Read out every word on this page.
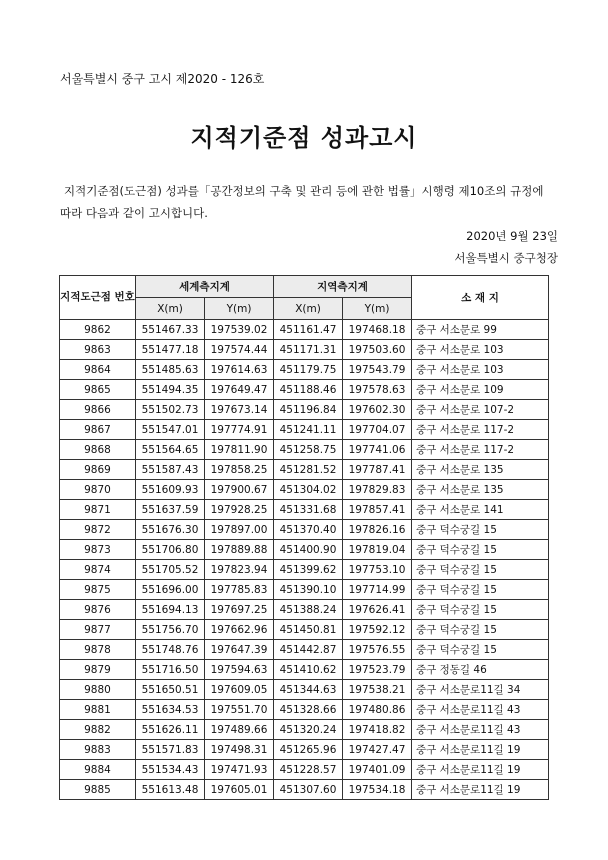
서울특별시 중구 고시 제2020 - 126호
지적기준점 성과고시
지적기준점(도근점) 성과를「공간정보의 구축 및 관리 등에 관한 법률」시행령 제10조의 규정에 따라 다음과 같이 고시합니다.
2020년 9월 23일
서울특별시 중구청장
지적도근점 번호	세계측지계		지역측지계		소 재 지
	X(m)	Y(m)	X(m)	Y(m)	
9862	551467.33	197539.02	451161.47	197468.18	중구 서소문로 99
9863	551477.18	197574.44	451171.31	197503.60	중구 서소문로 103
9864	551485.63	197614.63	451179.75	197543.79	중구 서소문로 103
9865	551494.35	197649.47	451188.46	197578.63	중구 서소문로 109
9866	551502.73	197673.14	451196.84	197602.30	중구 서소문로 107-2
9867	551547.01	197774.91	451241.11	197704.07	중구 서소문로 117-2
9868	551564.65	197811.90	451258.75	197741.06	중구 서소문로 117-2
9869	551587.43	197858.25	451281.52	197787.41	중구 서소문로 135
9870	551609.93	197900.67	451304.02	197829.83	중구 서소문로 135
9871	551637.59	197928.25	451331.68	197857.41	중구 서소문로 141
9872	551676.30	197897.00	451370.40	197826.16	중구 덕수궁길 15
9873	551706.80	197889.88	451400.90	197819.04	중구 덕수궁길 15
9874	551705.52	197823.94	451399.62	197753.10	중구 덕수궁길 15
9875	551696.00	197785.83	451390.10	197714.99	중구 덕수궁길 15
9876	551694.13	197697.25	451388.24	197626.41	중구 덕수궁길 15
9877	551756.70	197662.96	451450.81	197592.12	중구 덕수궁길 15
9878	551748.76	197647.39	451442.87	197576.55	중구 덕수궁길 15
9879	551716.50	197594.63	451410.62	197523.79	중구 정동길 46
9880	551650.51	197609.05	451344.63	197538.21	중구 서소문로11길 34
9881	551634.53	197551.70	451328.66	197480.86	중구 서소문로11길 43
9882	551626.11	197489.66	451320.24	197418.82	중구 서소문로11길 43
9883	551571.83	197498.31	451265.96	197427.47	중구 서소문로11길 19
9884	551534.43	197471.93	451228.57	197401.09	중구 서소문로11길 19
9885	551613.48	197605.01	451307.60	197534.18	중구 서소문로11길 19
